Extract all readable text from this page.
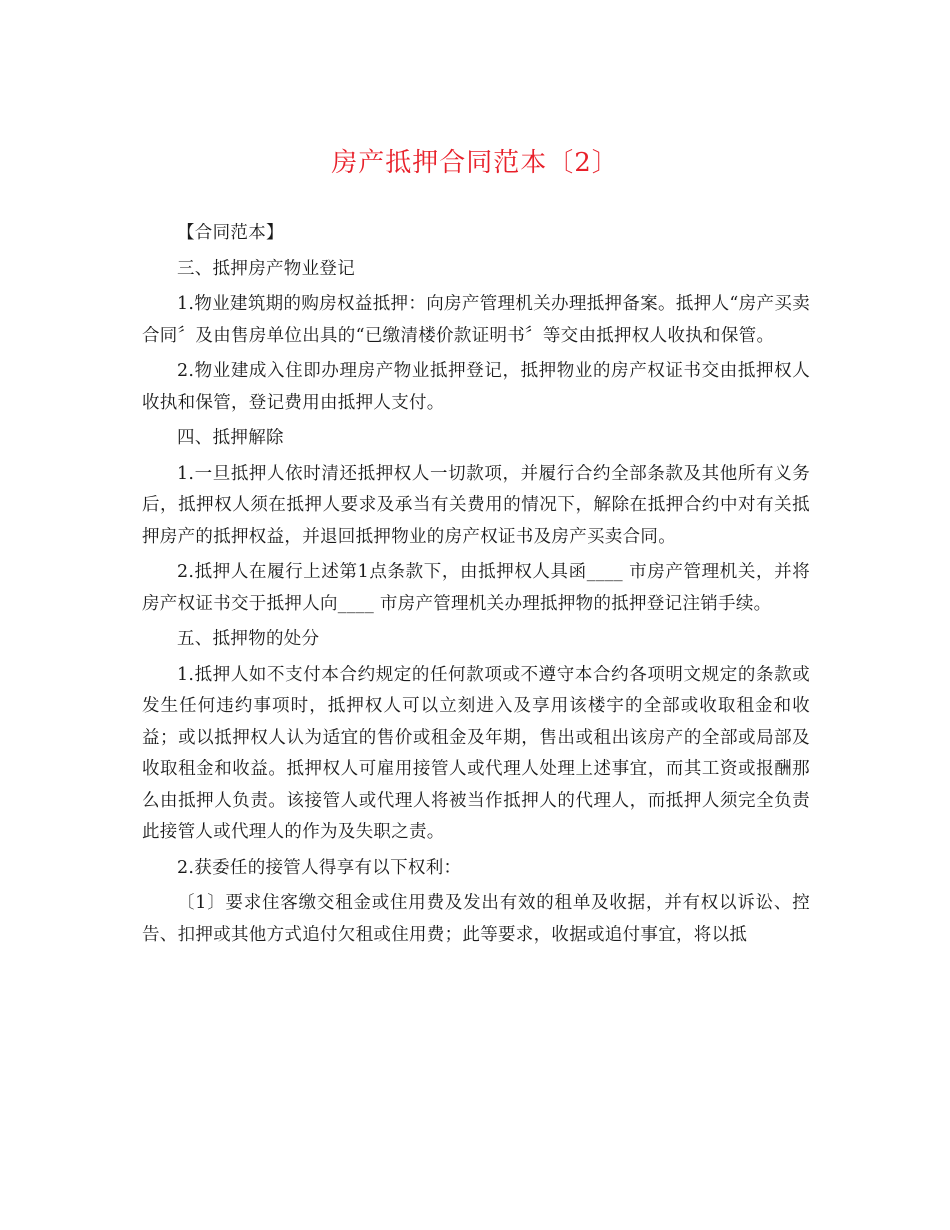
房产抵押合同范本〔2〕

【合同范本】

三、抵押房产物业登记

1.物业建筑期的购房权益抵押：向房产管理机关办理抵押备案。抵押人“房产买卖合同〞及由售房单位出具的“已缴清楼价款证明书〞等交由抵押权人收执和保管。

2.物业建成入住即办理房产物业抵押登记，抵押物业的房产权证书交由抵押权人收执和保管，登记费用由抵押人支付。

四、抵押解除

1.一旦抵押人依时清还抵押权人一切款项，并履行合约全部条款及其他所有义务后，抵押权人须在抵押人要求及承当有关费用的情况下，解除在抵押合约中对有关抵押房产的抵押权益，并退回抵押物业的房产权证书及房产买卖合同。

2.抵押人在履行上述第1点条款下，由抵押权人具函____ 市房产管理机关，并将房产权证书交于抵押人向____ 市房产管理机关办理抵押物的抵押登记注销手续。

五、抵押物的处分

1.抵押人如不支付本合约规定的任何款项或不遵守本合约各项明文规定的条款或发生任何违约事项时，抵押权人可以立刻进入及享用该楼宇的全部或收取租金和收益；或以抵押权人认为适宜的售价或租金及年期，售出或租出该房产的全部或局部及收取租金和收益。抵押权人可雇用接管人或代理人处理上述事宜，而其工资或报酬那么由抵押人负责。该接管人或代理人将被当作抵押人的代理人，而抵押人须完全负责此接管人或代理人的作为及失职之责。

2.获委任的接管人得享有以下权利：

〔1〕要求住客缴交租金或住用费及发出有效的租单及收据，并有权以诉讼、控告、扣押或其他方式追付欠租或住用费；此等要求，收据或追付事宜，将以抵
